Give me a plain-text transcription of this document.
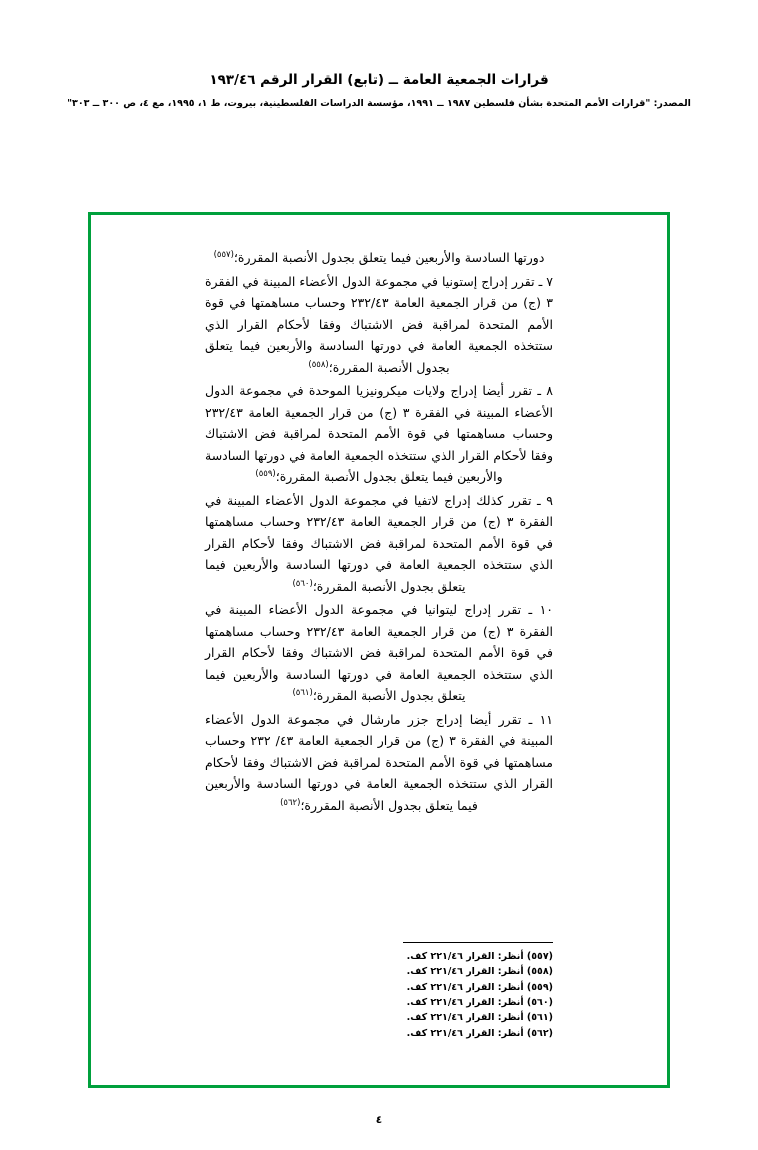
قرارات الجمعية العامة ــ (تابع) القرار الرقم ١٩٣/٤٦
المصدر: "قرارات الأمم المتحدة بشأن فلسطين ١٩٨٧ ــ ١٩٩١، مؤسسة الدراسات الفلسطينية، بيروت، ط ١، ١٩٩٥، مع ٤، ص ٣٠٠ ــ ٣٠٣"

دورتها السادسة والأربعين فيما يتعلق بجدول الأنصبة المقررة؛$^{(٥٥٧)}$

٧ ـ تقرر إدراج إستونيا في مجموعة الدول الأعضاء المبينة في الفقرة ٣ (ج) من قرار الجمعية العامة ٢٣٢/٤٣ وحساب مساهمتها في قوة الأمم المتحدة لمراقبة فض الاشتباك وفقا لأحكام القرار الذي ستتخذه الجمعية العامة في دورتها السادسة والأربعين فيما يتعلق بجدول الأنصبة المقررة؛$^{(٥٥٨)}$

٨ ـ تقرر أيضا إدراج ولايات ميكرونيزيا الموحدة في مجموعة الدول الأعضاء المبينة في الفقرة ٣ (ج) من قرار الجمعية العامة ٢٣٢/٤٣ وحساب مساهمتها في قوة الأمم المتحدة لمراقبة فض الاشتباك وفقا لأحكام القرار الذي ستتخذه الجمعية العامة في دورتها السادسة والأربعين فيما يتعلق بجدول الأنصبة المقررة؛$^{(٥٥٩)}$

٩ ـ تقرر كذلك إدراج لاتفيا في مجموعة الدول الأعضاء المبينة في الفقرة ٣ (ج) من قرار الجمعية العامة ٢٣٢/٤٣ وحساب مساهمتها في قوة الأمم المتحدة لمراقبة فض الاشتباك وفقا لأحكام القرار الذي ستتخذه الجمعية العامة في دورتها السادسة والأربعين فيما يتعلق بجدول الأنصبة المقررة؛$^{(٥٦٠)}$

١٠ ـ تقرر إدراج ليتوانيا في مجموعة الدول الأعضاء المبينة في الفقرة ٣ (ج) من قرار الجمعية العامة ٢٣٢/٤٣ وحساب مساهمتها في قوة الأمم المتحدة لمراقبة فض الاشتباك وفقا لأحكام القرار الذي ستتخذه الجمعية العامة في دورتها السادسة والأربعين فيما يتعلق بجدول الأنصبة المقررة؛$^{(٥٦١)}$

١١ ـ تقرر أيضا إدراج جزر مارشال في مجموعة الدول الأعضاء المبينة في الفقرة ٣ (ج) من قرار الجمعية العامة ٤٣/ ٢٣٢ وحساب مساهمتها في قوة الأمم المتحدة لمراقبة فض الاشتباك وفقا لأحكام القرار الذي ستتخذه الجمعية العامة في دورتها السادسة والأربعين فيما يتعلق بجدول الأنصبة المقررة؛$^{(٥٦٢)}$

(٥٥٧) أنظر: القرار ٢٢١/٤٦ كف.
(٥٥٨) أنظر: القرار ٢٢١/٤٦ كف.
(٥٥٩) أنظر: القرار ٢٢١/٤٦ كف.
(٥٦٠) أنظر: القرار ٢٢١/٤٦ كف.
(٥٦١) أنظر: القرار ٢٢١/٤٦ كف.
(٥٦٢) أنظر: القرار ٢٢١/٤٦ كف.
٤
